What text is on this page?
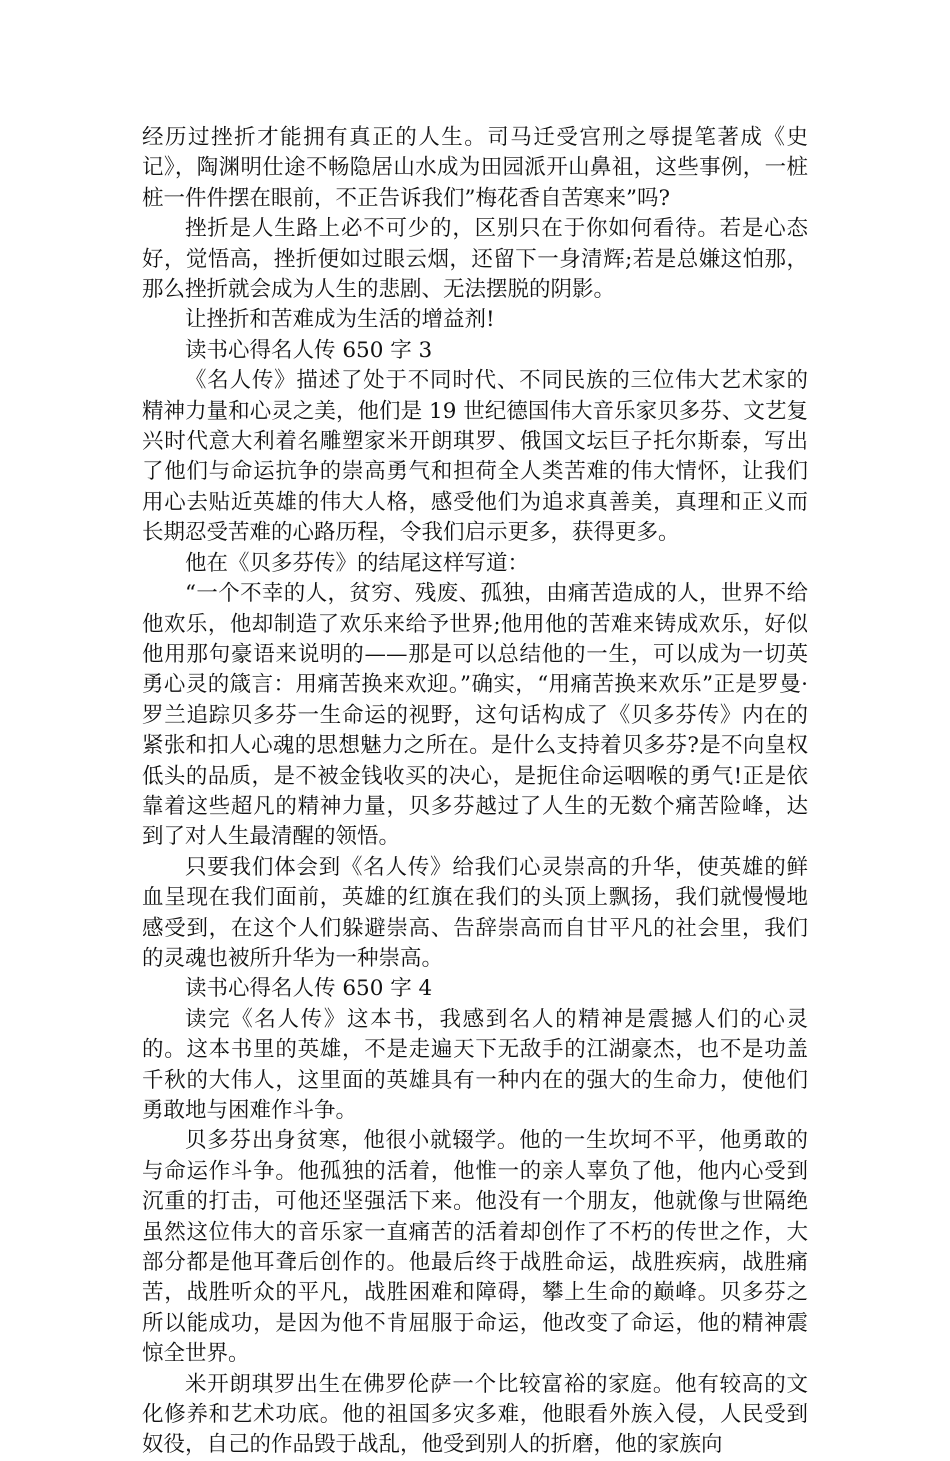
经历过挫折才能拥有真正的人生。司马迁受宫刑之辱提笔著成《史记》，陶渊明仕途不畅隐居山水成为田园派开山鼻祖，这些事例，一桩桩一件件摆在眼前，不正告诉我们”梅花香自苦寒来”吗?

挫折是人生路上必不可少的，区别只在于你如何看待。若是心态好，觉悟高，挫折便如过眼云烟，还留下一身清辉;若是总嫌这怕那，那么挫折就会成为人生的悲剧、无法摆脱的阴影。

让挫折和苦难成为生活的增益剂!

读书心得名人传 650 字 3

《名人传》描述了处于不同时代、不同民族的三位伟大艺术家的精神力量和心灵之美，他们是 19 世纪德国伟大音乐家贝多芬、文艺复兴时代意大利着名雕塑家米开朗琪罗、俄国文坛巨子托尔斯泰，写出了他们与命运抗争的崇高勇气和担荷全人类苦难的伟大情怀，让我们用心去贴近英雄的伟大人格，感受他们为追求真善美，真理和正义而长期忍受苦难的心路历程，令我们启示更多，获得更多。

他在《贝多芬传》的结尾这样写道：

“一个不幸的人，贫穷、残废、孤独，由痛苦造成的人，世界不给他欢乐，他却制造了欢乐来给予世界;他用他的苦难来铸成欢乐，好似他用那句豪语来说明的——那是可以总结他的一生，可以成为一切英勇心灵的箴言：用痛苦换来欢迎。”确实，“用痛苦换来欢乐”正是罗曼·罗兰追踪贝多芬一生命运的视野，这句话构成了《贝多芬传》内在的紧张和扣人心魂的思想魅力之所在。是什么支持着贝多芬?是不向皇权低头的品质，是不被金钱收买的决心，是扼住命运咽喉的勇气!正是依靠着这些超凡的精神力量，贝多芬越过了人生的无数个痛苦险峰，达到了对人生最清醒的领悟。

只要我们体会到《名人传》给我们心灵崇高的升华，使英雄的鲜血呈现在我们面前，英雄的红旗在我们的头顶上飘扬，我们就慢慢地感受到，在这个人们躲避崇高、告辞崇高而自甘平凡的社会里，我们的灵魂也被所升华为一种崇高。

读书心得名人传 650 字 4

读完《名人传》这本书，我感到名人的精神是震撼人们的心灵的。这本书里的英雄，不是走遍天下无敌手的江湖豪杰，也不是功盖千秋的大伟人，这里面的英雄具有一种内在的强大的生命力，使他们勇敢地与困难作斗争。

贝多芬出身贫寒，他很小就辍学。他的一生坎坷不平，他勇敢的与命运作斗争。他孤独的活着，他惟一的亲人辜负了他，他内心受到沉重的打击，可他还坚强活下来。他没有一个朋友，他就像与世隔绝虽然这位伟大的音乐家一直痛苦的活着却创作了不朽的传世之作，大部分都是他耳聋后创作的。他最后终于战胜命运，战胜疾病，战胜痛苦，战胜听众的平凡，战胜困难和障碍，攀上生命的巅峰。贝多芬之所以能成功，是因为他不肯屈服于命运，他改变了命运，他的精神震惊全世界。

米开朗琪罗出生在佛罗伦萨一个比较富裕的家庭。他有较高的文化修养和艺术功底。他的祖国多灾多难，他眼看外族入侵，人民受到奴役，自己的作品毁于战乱，他受到别人的折磨，他的家族向
